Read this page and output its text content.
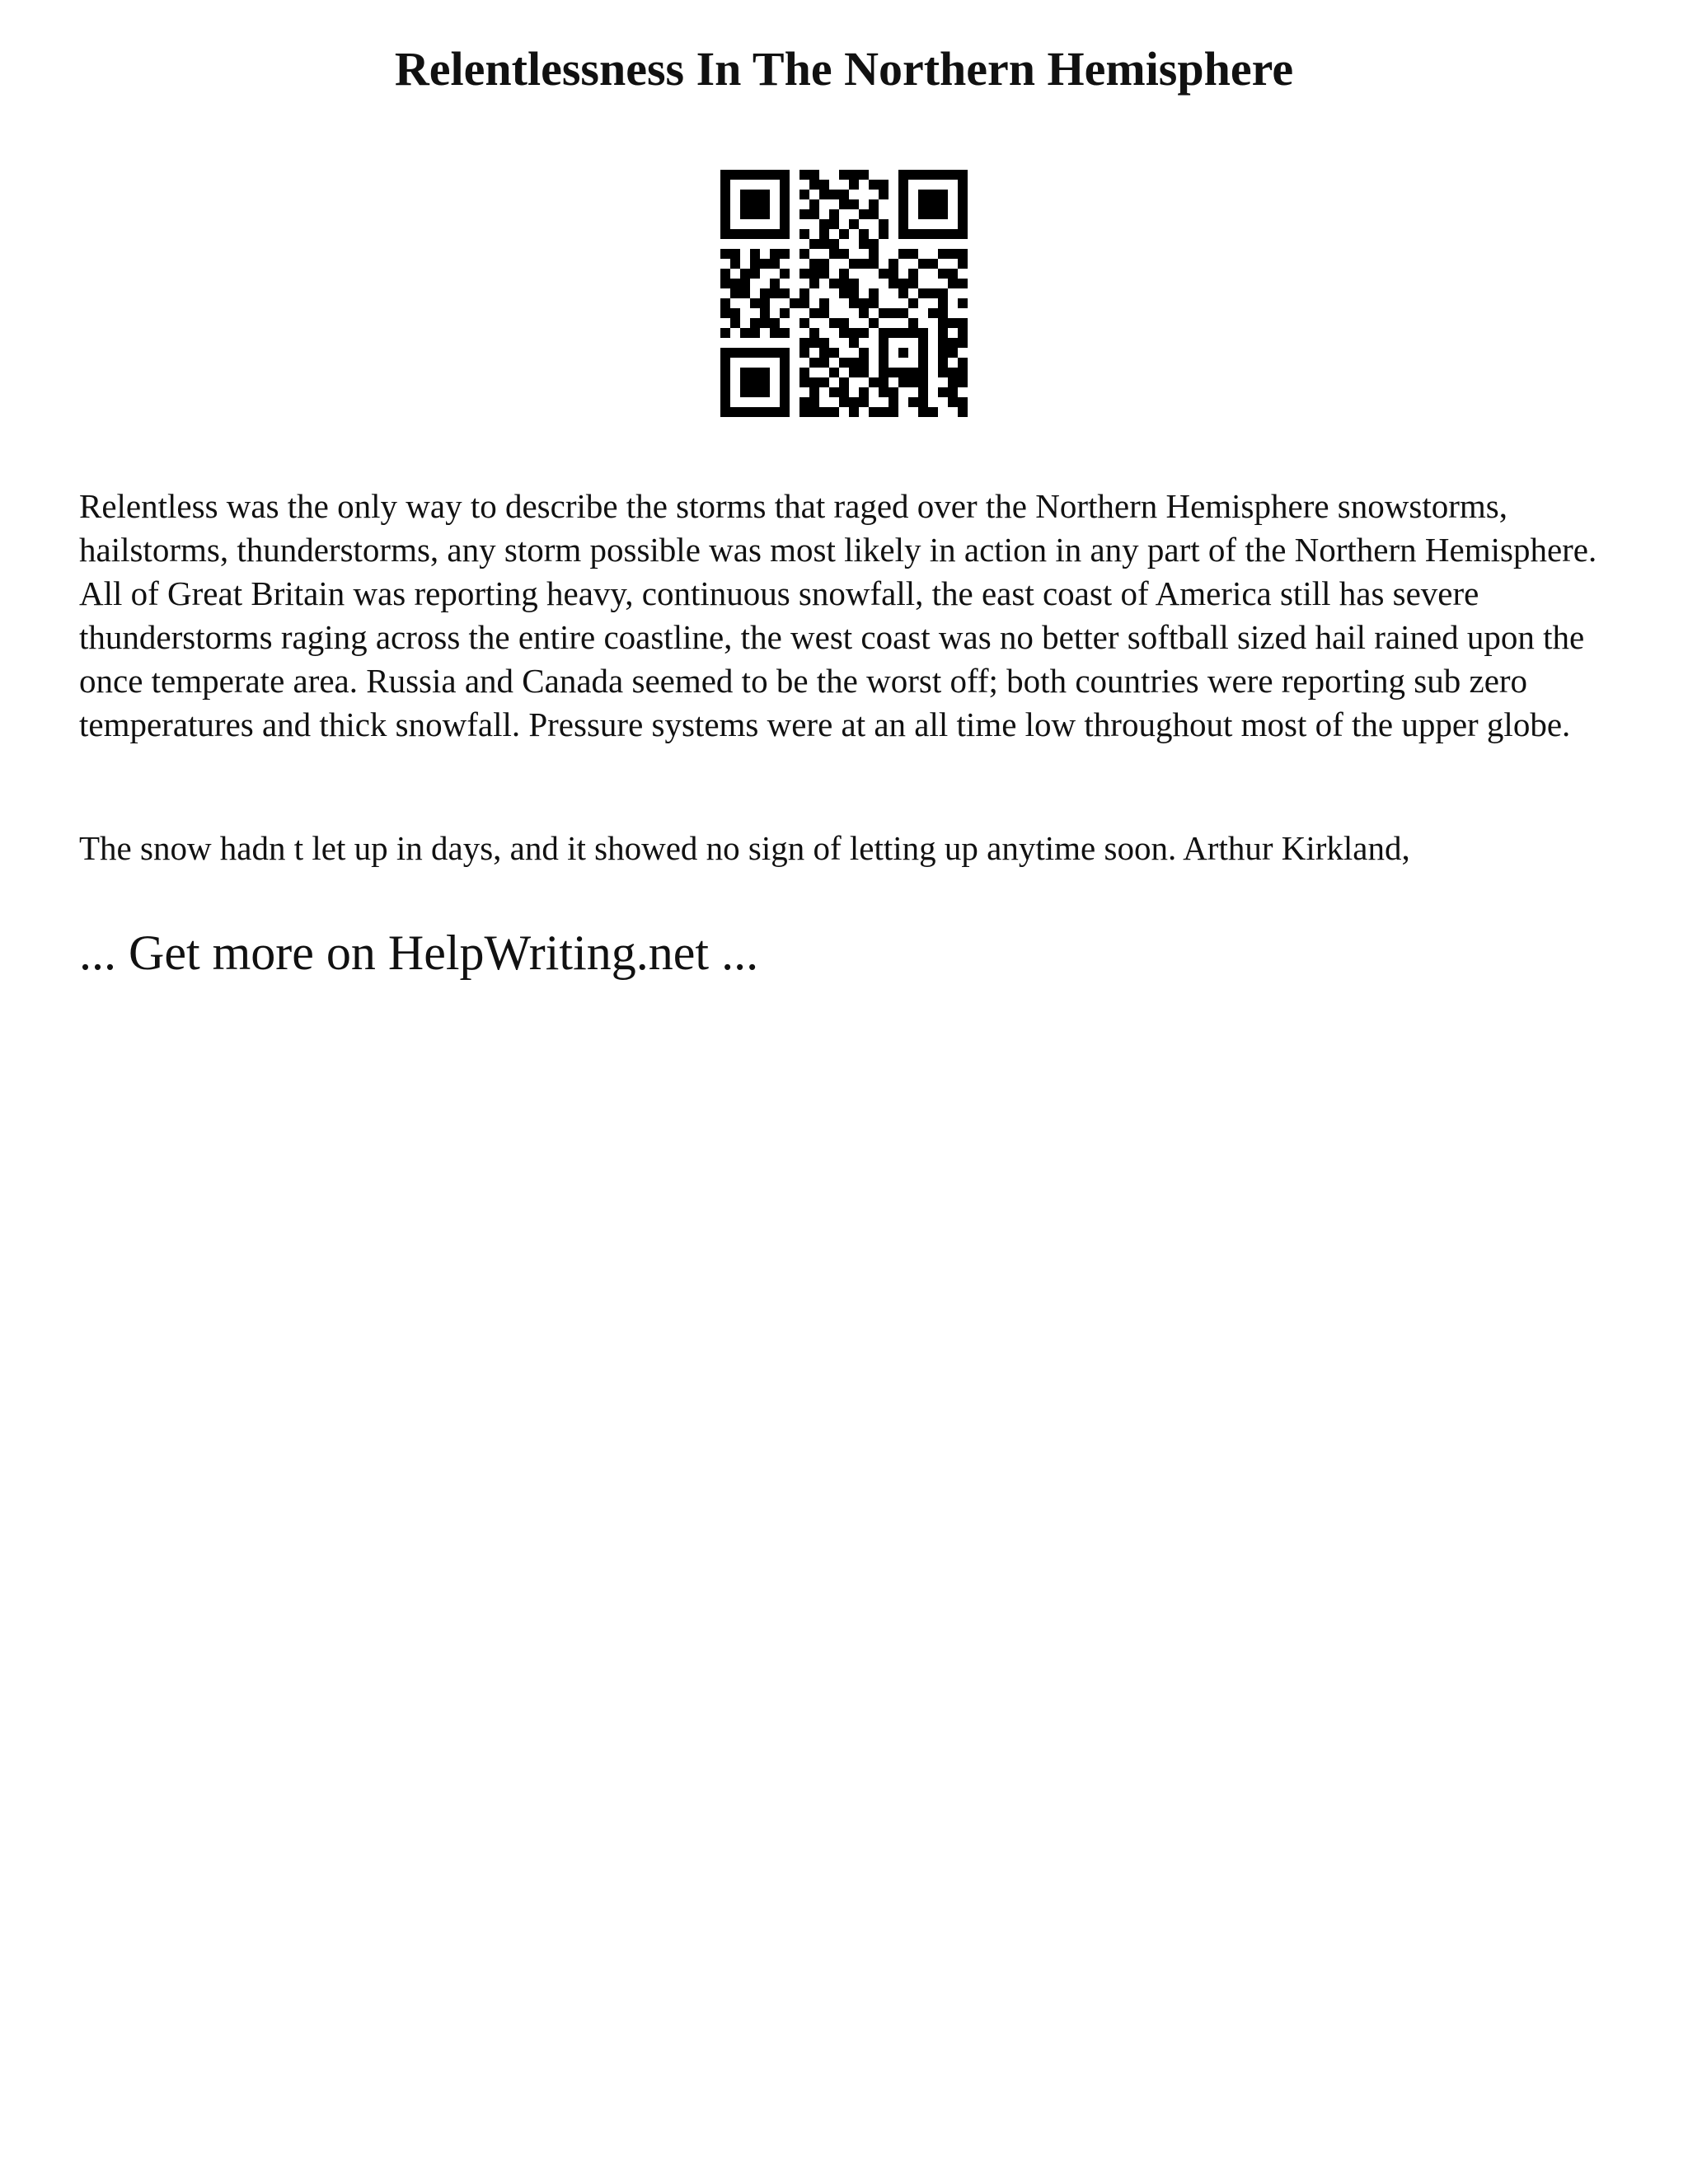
Relentlessness In The Northern Hemisphere

Relentless was the only way to describe the storms that raged over the Northern Hemisphere snowstorms, hailstorms, thunderstorms, any storm possible was most likely in action in any part of the Northern Hemisphere. All of Great Britain was reporting heavy, continuous snowfall, the east coast of America still has severe thunderstorms raging across the entire coastline, the west coast was no better softball sized hail rained upon the once temperate area. Russia and Canada seemed to be the worst off; both countries were reporting sub zero temperatures and thick snowfall. Pressure systems were at an all time low throughout most of the upper globe.

The snow hadn t let up in days, and it showed no sign of letting up anytime soon. Arthur Kirkland,

... Get more on HelpWriting.net ...
